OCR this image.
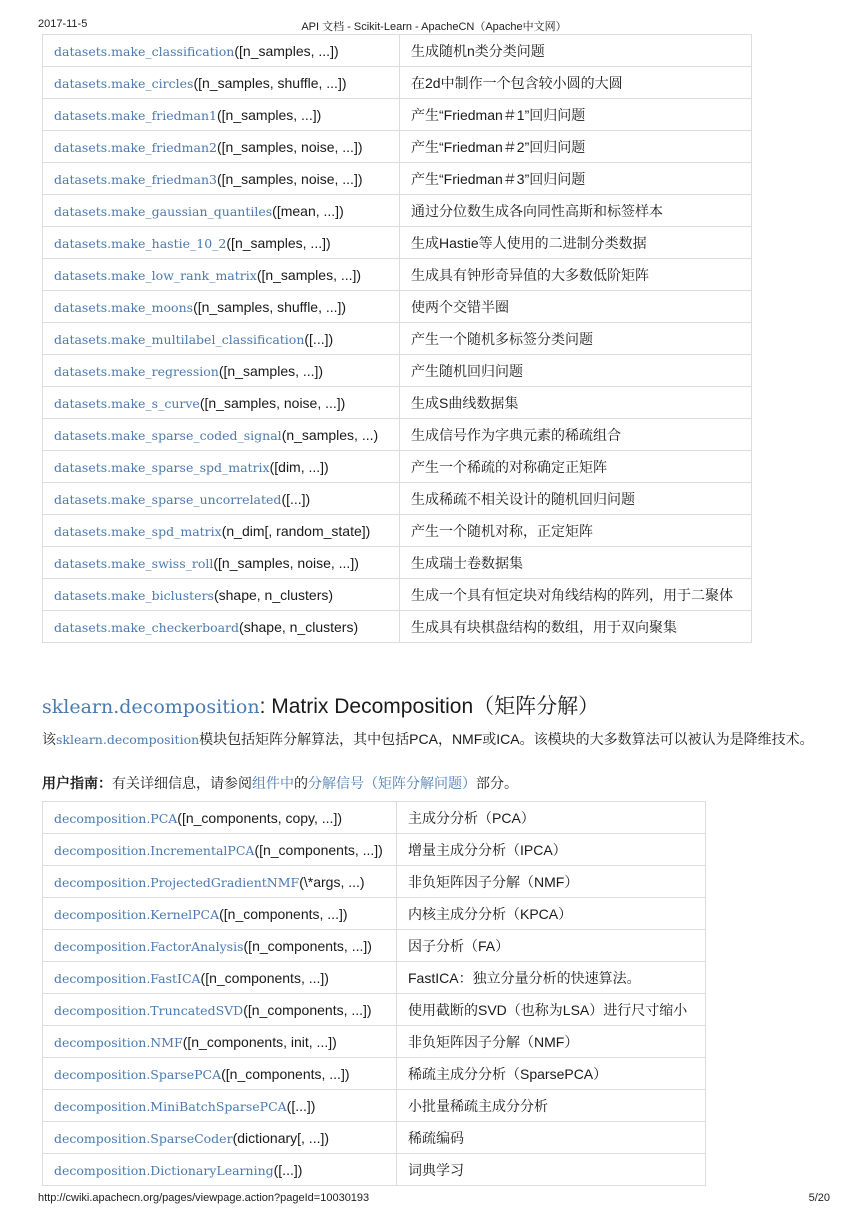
2017-11-5	API 文档 - Scikit-Learn - ApacheCN（Apache中文网）
datasets.make_classification([n_samples, ...])	生成随机n类分类问题
datasets.make_circles([n_samples, shuffle, ...])	在2d中制作一个包含较小圆的大圆
datasets.make_friedman1([n_samples, ...])	产生“Friedman＃1”回归问题
datasets.make_friedman2([n_samples, noise, ...])	产生“Friedman＃2”回归问题
datasets.make_friedman3([n_samples, noise, ...])	产生“Friedman＃3”回归问题
datasets.make_gaussian_quantiles([mean, ...])	通过分位数生成各向同性高斯和标签样本
datasets.make_hastie_10_2([n_samples, ...])	生成Hastie等人使用的二进制分类数据
datasets.make_low_rank_matrix([n_samples, ...])	生成具有钟形奇异值的大多数低阶矩阵
datasets.make_moons([n_samples, shuffle, ...])	使两个交错半圈
datasets.make_multilabel_classification([...])	产生一个随机多标签分类问题
datasets.make_regression([n_samples, ...])	产生随机回归问题
datasets.make_s_curve([n_samples, noise, ...])	生成S曲线数据集
datasets.make_sparse_coded_signal(n_samples, ...)	生成信号作为字典元素的稀疏组合
datasets.make_sparse_spd_matrix([dim, ...])	产生一个稀疏的对称确定正矩阵
datasets.make_sparse_uncorrelated([...])	生成稀疏不相关设计的随机回归问题
datasets.make_spd_matrix(n_dim[, random_state])	产生一个随机对称，正定矩阵
datasets.make_swiss_roll([n_samples, noise, ...])	生成瑞士卷数据集
datasets.make_biclusters(shape, n_clusters)	生成一个具有恒定块对角线结构的阵列，用于二聚体
datasets.make_checkerboard(shape, n_clusters)	生成具有块棋盘结构的数组，用于双向聚集
sklearn.decomposition: Matrix Decomposition（矩阵分解）
该sklearn.decomposition模块包括矩阵分解算法，其中包括PCA，NMF或ICA。该模块的大多数算法可以被认为是降维技术。
用户指南：有关详细信息，请参阅组件中的分解信号（矩阵分解问题）部分。
decomposition.PCA([n_components, copy, ...])	主成分分析（PCA）
decomposition.IncrementalPCA([n_components, ...])	增量主成分分析（IPCA）
decomposition.ProjectedGradientNMF(\*args, ...)	非负矩阵因子分解（NMF）
decomposition.KernelPCA([n_components, ...])	内核主成分分析（KPCA）
decomposition.FactorAnalysis([n_components, ...])	因子分析（FA）
decomposition.FastICA([n_components, ...])	FastICA：独立分量分析的快速算法。
decomposition.TruncatedSVD([n_components, ...])	使用截断的SVD（也称为LSA）进行尺寸缩小
decomposition.NMF([n_components, init, ...])	非负矩阵因子分解（NMF）
decomposition.SparsePCA([n_components, ...])	稀疏主成分分析（SparsePCA）
decomposition.MiniBatchSparsePCA([...])	小批量稀疏主成分分析
decomposition.SparseCoder(dictionary[, ...])	稀疏编码
decomposition.DictionaryLearning([...])	词典学习
http://cwiki.apachecn.org/pages/viewpage.action?pageId=10030193	5/20
